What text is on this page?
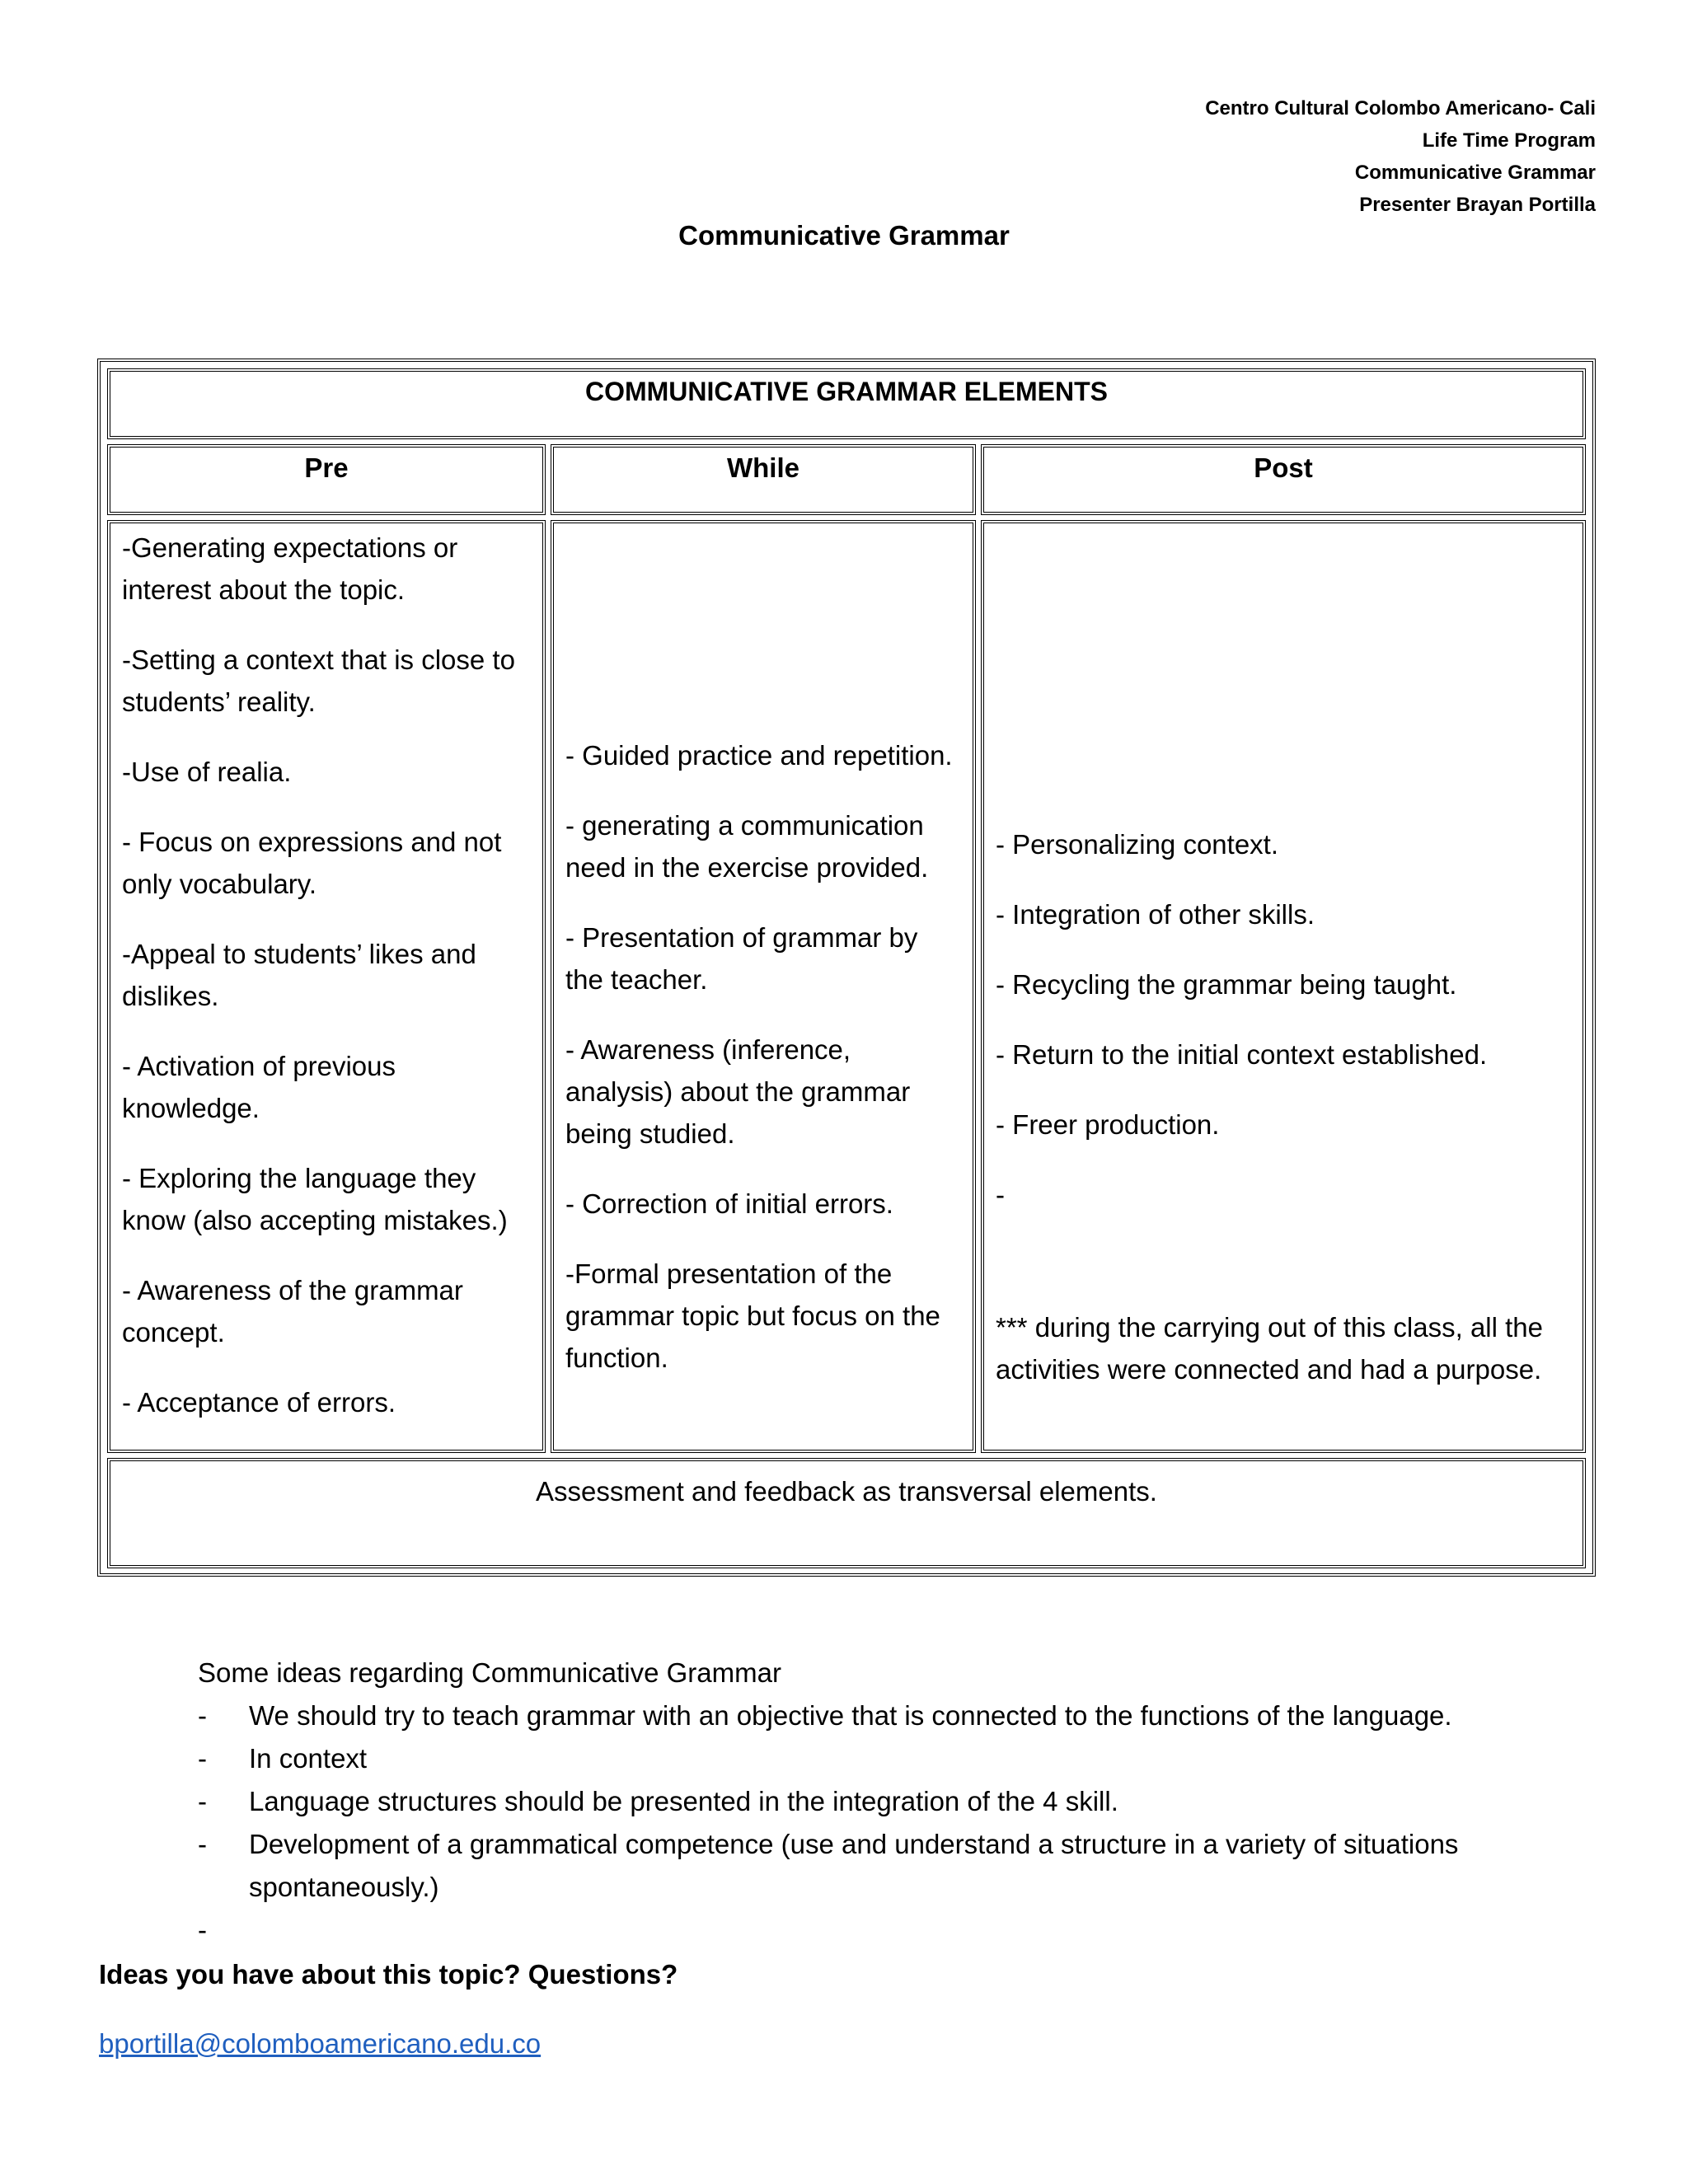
Centro Cultural Colombo Americano- Cali
Life Time Program
Communicative Grammar
Presenter Brayan Portilla
Communicative Grammar
COMMUNICATIVE GRAMMAR ELEMENTS
Pre	While	Post

-Generating expectations or interest about the topic.

-Setting a context that is close to students’ reality.

-Use of realia.

- Focus on expressions and not only vocabulary.

-Appeal to students’ likes and dislikes.

- Activation of previous knowledge.

- Exploring the language they know (also accepting mistakes.)

- Awareness of the grammar concept.

- Acceptance of errors.

- Guided practice and repetition.

- generating a communication need in the exercise provided.

- Presentation of grammar by the teacher.

- Awareness (inference, analysis) about the grammar being studied.

- Correction of initial errors.

-Formal presentation of the grammar topic but focus on the function.

- Personalizing context.

- Integration of other skills.

- Recycling the grammar being taught.

- Return to the initial context established.

- Freer production.

-

*** during the carrying out of this class, all the activities were connected and had a purpose.

Assessment and feedback as transversal elements.
Some ideas regarding Communicative Grammar
- We should try to teach grammar with an objective that is connected to the functions of the language.
- In context
- Language structures should be presented in the integration of the 4 skill.
- Development of a grammatical competence (use and understand a structure in a variety of situations spontaneously.)
-
Ideas you have about this topic? Questions?
bportilla@colomboamericano.edu.co
